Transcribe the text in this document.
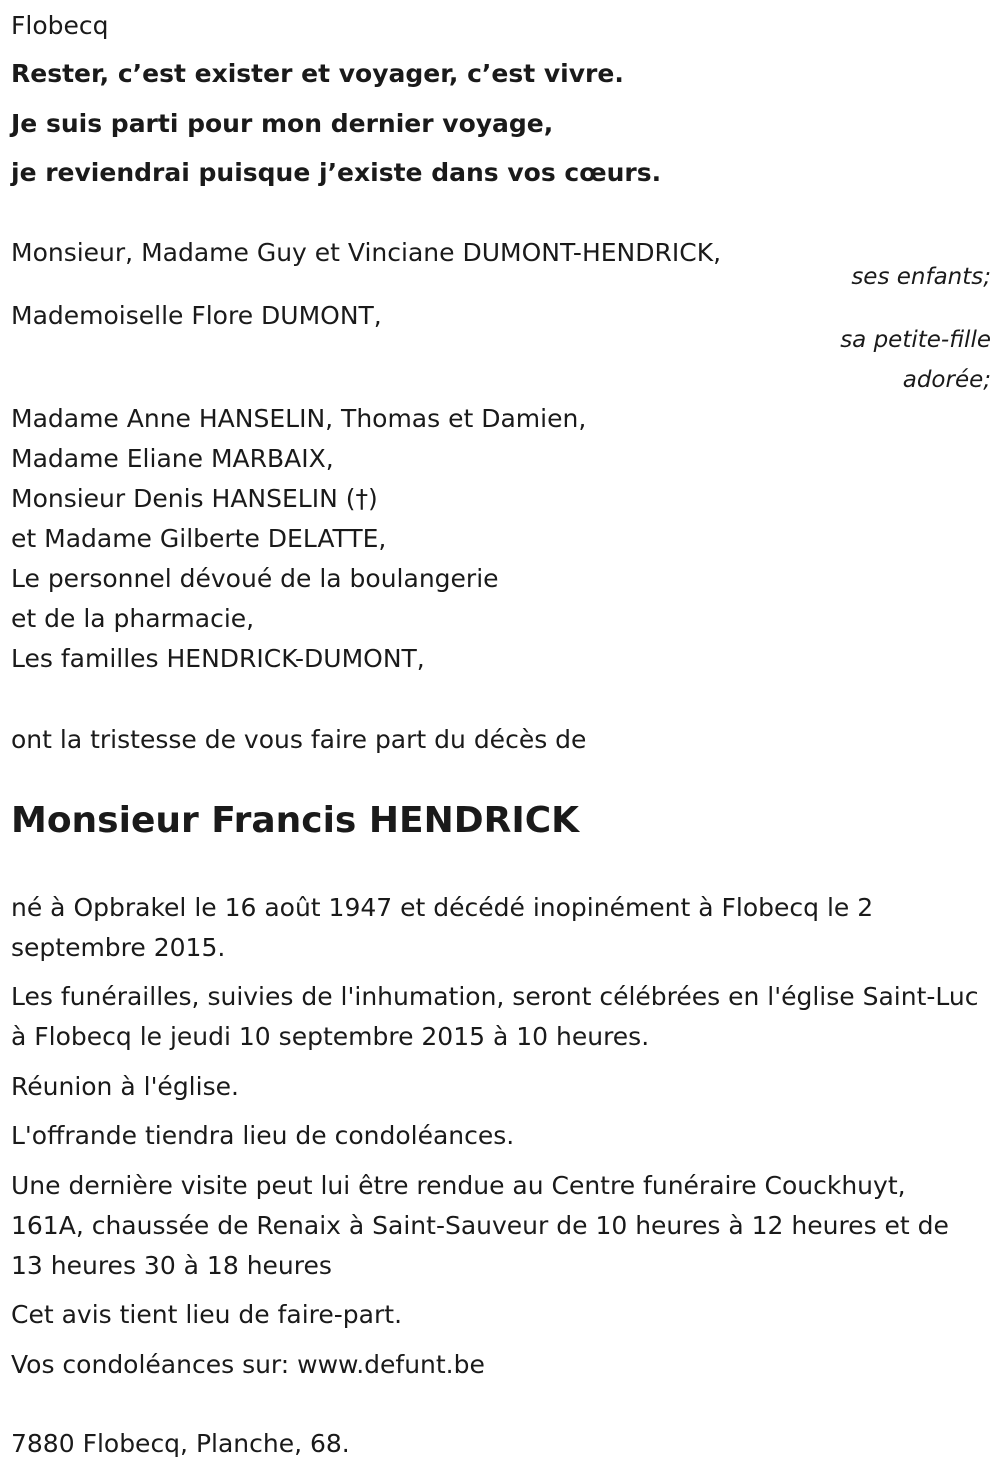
Flobecq
Rester, c’est exister et voyager, c’est vivre.
Je suis parti pour mon dernier voyage,
je reviendrai puisque j’existe dans vos cœurs.
Monsieur, Madame Guy et Vinciane DUMONT-HENDRICK,
ses enfants;
Mademoiselle Flore DUMONT,
sa petite-fille
adorée;
Madame Anne HANSELIN, Thomas et Damien,
Madame Eliane MARBAIX,
Monsieur Denis HANSELIN (†)
et Madame Gilberte DELATTE,
Le personnel dévoué de la boulangerie
et de la pharmacie,
Les familles HENDRICK-DUMONT,
ont la tristesse de vous faire part du décès de
Monsieur Francis HENDRICK
né à Opbrakel le 16 août 1947 et décédé inopinément à Flobecq le 2 septembre 2015.
Les funérailles, suivies de l'inhumation, seront célébrées en l'église Saint-Luc à Flobecq le jeudi 10 septembre 2015 à 10 heures.
Réunion à l'église.
L'offrande tiendra lieu de condoléances.
Une dernière visite peut lui être rendue au Centre funéraire Couckhuyt, 161A, chaussée de Renaix à Saint-Sauveur de 10 heures à 12 heures et de 13 heures 30 à 18 heures
Cet avis tient lieu de faire-part.
Vos condoléances sur: www.defunt.be
7880 Flobecq, Planche, 68.
